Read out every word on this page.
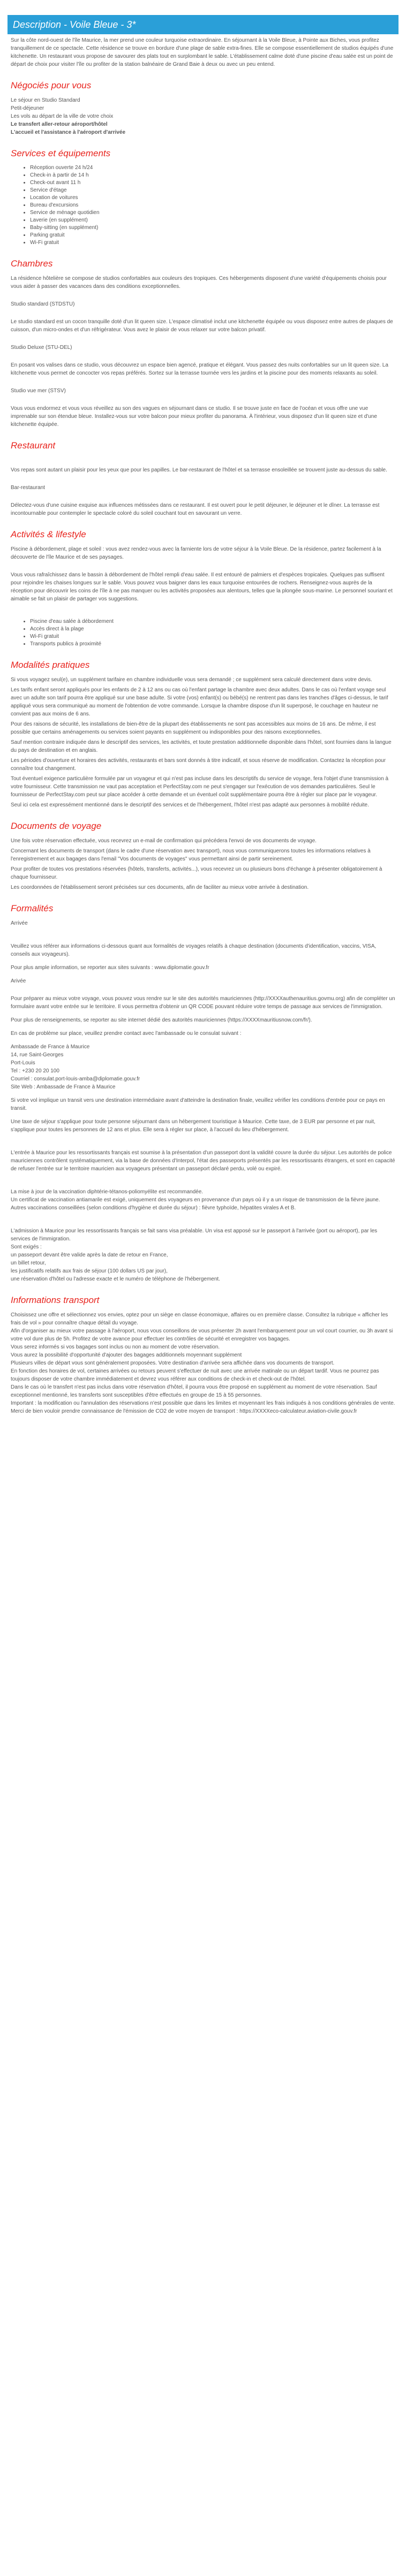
Description - Voile Bleue - 3*

Sur la côte nord-ouest de l'île Maurice, la mer prend une couleur turquoise extraordinaire. En séjournant à la Voile Bleue, à Pointe aux Biches, vous profitez tranquillement de ce spectacle. Cette résidence se trouve en bordure d'une plage de sable extra-fines. Elle se compose essentiellement de studios équipés d'une kitchenette. Un restaurant vous propose de savourer des plats tout en surplombant le sable. L'établissement calme doté d'une piscine d'eau salée est un point de départ de choix pour visiter l'île ou profiter de la station balnéaire de Grand Baie à deux ou avec un peu entend.

Négociés pour vous

Le séjour en Studio Standard

Petit-déjeuner

Les vols au départ de la ville de votre choix

Le transfert aller-retour aéroport/hôtel

L'accueil et l'assistance à l'aéroport d'arrivée

Services et équipements
• Réception ouverte 24 h/24
• Check-in à partir de 14 h
• Check-out avant 11 h
• Service d'étage
• Location de voitures
• Bureau d'excursions
• Service de ménage quotidien
• Laverie (en supplément)
• Baby-sitting (en supplément)
• Parking gratuit
• Wi-Fi gratuit
Chambres

La résidence hôtelière se compose de studios confortables aux couleurs des tropiques. Ces hébergements disposent d'une variété d'équipements choisis pour vous aider à passer des vacances dans des conditions exceptionnelles.

Studio standard (STDSTU)

Le studio standard est un cocon tranquille doté d'un lit queen size. L'espace climatisé inclut une kitchenette équipée ou vous disposez entre autres de plaques de cuisson, d'un micro-ondes et d'un réfrigérateur. Vous avez le plaisir de vous relaxer sur votre balcon privatif.

Studio Deluxe (STU-DEL)

En posant vos valises dans ce studio, vous découvrez un espace bien agencé, pratique et élégant. Vous passez des nuits confortables sur un lit queen size. La kitchenette vous permet de concocter vos repas préférés. Sortez sur la terrasse tournée vers les jardins et la piscine pour des moments relaxants au soleil.

Studio vue mer (STSV)

Vous vous endormez et vous vous réveillez au son des vagues en séjournant dans ce studio. Il se trouve juste en face de l'océan et vous offre une vue imprenable sur son étendue bleue. Installez-vous sur votre balcon pour mieux profiter du panorama. À l'intérieur, vous disposez d'un lit queen size et d'une kitchenette équipée.

Restaurant

Vos repas sont autant un plaisir pour les yeux que pour les papilles. Le bar-restaurant de l'hôtel et sa terrasse ensoleillée se trouvent juste au-dessus du sable.

Bar-restaurant

Délectez-vous d'une cuisine exquise aux influences métissées dans ce restaurant. Il est ouvert pour le petit déjeuner, le déjeuner et le dîner. La terrasse est incontournable pour contempler le spectacle coloré du soleil couchant tout en savourant un verre.

Activités & lifestyle

Piscine à débordement, plage et soleil : vous avez rendez-vous avec la farniente lors de votre séjour à la Voile Bleue. De la résidence, partez facilement à la découverte de l'île Maurice et de ses paysages.

Vous vous rafraîchissez dans le bassin à débordement de l'hôtel rempli d'eau salée. Il est entouré de palmiers et d'espèces tropicales. Quelques pas suffisent pour rejoindre les chaises longues sur le sable. Vous pouvez vous baigner dans les eaux turquoise entourées de rochers. Renseignez-vous auprès de la réception pour découvrir les coins de l'île à ne pas manquer ou les activités proposées aux alentours, telles que la plongée sous-marine. Le personnel souriant et aimable se fait un plaisir de partager vos suggestions.

• Piscine d'eau salée à débordement
• Accès direct à la plage
• Wi-Fi gratuit
• Transports publics à proximité
Modalités pratiques

Si vous voyagez seul(e), un supplément tarifaire en chambre individuelle vous sera demandé ; ce supplément sera calculé directement dans votre devis.

Les tarifs enfant seront appliqués pour les enfants de 2 à 12 ans ou cas où l'enfant partage la chambre avec deux adultes. Dans le cas où l'enfant voyage seul avec un adulte son tarif pourra être appliqué sur une base adulte. Si votre (vos) enfant(s) ou bébé(s) ne rentrent pas dans les tranches d'âges ci-dessus, le tarif appliqué vous sera communiqué au moment de l'obtention de votre commande. Lorsque la chambre dispose d'un lit superposé, le couchage en hauteur ne convient pas aux moins de 6 ans.

Pour des raisons de sécurité, les installations de bien-être de la plupart des établissements ne sont pas accessibles aux moins de 16 ans. De même, il est possible que certains aménagements ou services soient payants en supplément ou indisponibles pour des raisons exceptionnelles.

Sauf mention contraire indiquée dans le descriptif des services, les activités, et toute prestation additionnelle disponible dans l'hôtel, sont fournies dans la langue du pays de destination et en anglais.

Les périodes d'ouverture et horaires des activités, restaurants et bars sont donnés à titre indicatif, et sous réserve de modification. Contactez la réception pour connaître tout changement.

Tout éventuel exigence particulière formulée par un voyageur et qui n'est pas incluse dans les descriptifs du service de voyage, fera l'objet d'une transmission à votre fournisseur. Cette transmission ne vaut pas acceptation et PerfectStay.com ne peut s'engager sur l'exécution de vos demandes particulières. Seul le fournisseur de PerfectStay.com peut sur place accéder à cette demande et un éventuel coût supplémentaire pourra être à régler sur place par le voyageur.

Seul ici cela est expressément mentionné dans le descriptif des services et de l'hébergement, l'hôtel n'est pas adapté aux personnes à mobilité réduite.

Documents de voyage

Une fois votre réservation effectuée, vous recevrez un e-mail de confirmation qui précédera l'envoi de vos documents de voyage.

Concernant les documents de transport (dans le cadre d'une réservation avec transport), nous vous communiquerons toutes les informations relatives à l'enregistrement et aux bagages dans l'email "Vos documents de voyages" vous permettant ainsi de partir sereinement.

Pour profiter de toutes vos prestations réservées (hôtels, transferts, activités...), vous recevrez un ou plusieurs bons d'échange à présenter obligatoirement à chaque fournisseur.

Les coordonnées de l'établissement seront précisées sur ces documents, afin de faciliter au mieux votre arrivée à destination.

Formalités

Arrivée

Veuillez vous référer aux informations ci-dessous quant aux formalités de voyages relatifs à chaque destination (documents d'identification, vaccins, VISA, conseils aux voyageurs).

Pour plus ample information, se reporter aux sites suivants : www.diplomatie.gouv.fr

Arivée

Pour préparer au mieux votre voyage, vous pouvez vous rendre sur le site des autorités mauriciennes (http://XXXXauthenauritius.govmu.org) afin de compléter un formulaire avant votre entrée sur le territoire. Il vous permettra d'obtenir un QR CODE pouvant réduire votre temps de passage aux services de l'immigration.

Pour plus de renseignements, se reporter au site internet dédié des autorités mauriciennes (https://XXXXmauritiusnow.com/fr/).

En cas de problème sur place, veuillez prendre contact avec l'ambassade ou le consulat suivant :

Ambassade de France à Maurice
14, rue Saint-Georges
Port-Louis
Tel : +230 20 20 100
Courriel : consulat.port-louis-amba@diplomatie.gouv.fr
Site Web : Ambassade de France à Maurice

Si votre vol implique un transit vers une destination intermédiaire avant d'atteindre la destination finale, veuillez vérifier les conditions d'entrée pour ce pays en transit.

Une taxe de séjour s'applique pour toute personne séjournant dans un hébergement touristique à Maurice. Cette taxe, de 3 EUR par personne et par nuit, s'applique pour toutes les personnes de 12 ans et plus. Elle sera à régler sur place, à l'accueil du lieu d'hébergement.

L'entrée à Maurice pour les ressortissants français est soumise à la présentation d'un passeport dont la validité couvre la durée du séjour. Les autorités de police mauriciennes contrôlent systématiquement, via la base de données d'Interpol, l'état des passeports présentés par les ressortissants étrangers, et sont en capacité de refuser l'entrée sur le territoire mauricien aux voyageurs présentant un passeport déclaré perdu, volé ou expiré.

La mise à jour de la vaccination diphtérie-tétanos-poliomyélite est recommandée.
Un certificat de vaccination antiamarile est exigé, uniquement des voyageurs en provenance d'un pays où il y a un risque de transmission de la fièvre jaune.
Autres vaccinations conseillées (selon conditions d'hygiène et durée du séjour) : fièvre typhoïde, hépatites virales A et B.

L'admission à Maurice pour les ressortissants français se fait sans visa préalable. Un visa est apposé sur le passeport à l'arrivée (port ou aéroport), par les services de l'immigration.
Sont exigés :
un passeport devant être valide après la date de retour en France,
un billet retour,
les justificatifs relatifs aux frais de séjour (100 dollars US par jour),
une réservation d'hôtel ou l'adresse exacte et le numéro de téléphone de l'hébergement.

Informations transport

Choisissez une offre et sélectionnez vos envies, optez pour un siège en classe économique, affaires ou en première classe. Consultez la rubrique « afficher les frais de vol » pour connaître chaque détail du voyage.
Afin d'organiser au mieux votre passage à l'aéroport, nous vous conseillons de vous présenter 2h avant l'embarquement pour un vol court courrier, ou 3h avant si votre vol dure plus de 5h. Profitez de votre avance pour effectuer les contrôles de sécurité et enregistrer vos bagages.
Vous serez informés si vos bagages sont inclus ou non au moment de votre réservation.
Vous aurez la possibilité d'opportunité d'ajouter des bagages additionnels moyennant supplément
Plusieurs villes de départ vous sont généralement proposées. Votre destination d'arrivée sera affichée dans vos documents de transport.
En fonction des horaires de vol, certaines arrivées ou retours peuvent s'effectuer de nuit avec une arrivée matinale ou un départ tardif. Vous ne pourrez pas toujours disposer de votre chambre immédiatement et devrez vous référer aux conditions de check-in et check-out de l'hôtel.
Dans le cas où le transfert n'est pas inclus dans votre réservation d'hôtel, il pourra vous être proposé en supplément au moment de votre réservation. Sauf exceptionnel mentionné, les transferts sont susceptibles d'être effectués en groupe de 15 à 55 personnes.
Important : la modification ou l'annulation des réservations n'est possible que dans les limites et moyennant les frais indiqués à nos conditions générales de vente.
Merci de bien vouloir prendre connaissance de l'émission de CO2 de votre moyen de transport : https://XXXXeco-calculateur.aviation-civile.gouv.fr
